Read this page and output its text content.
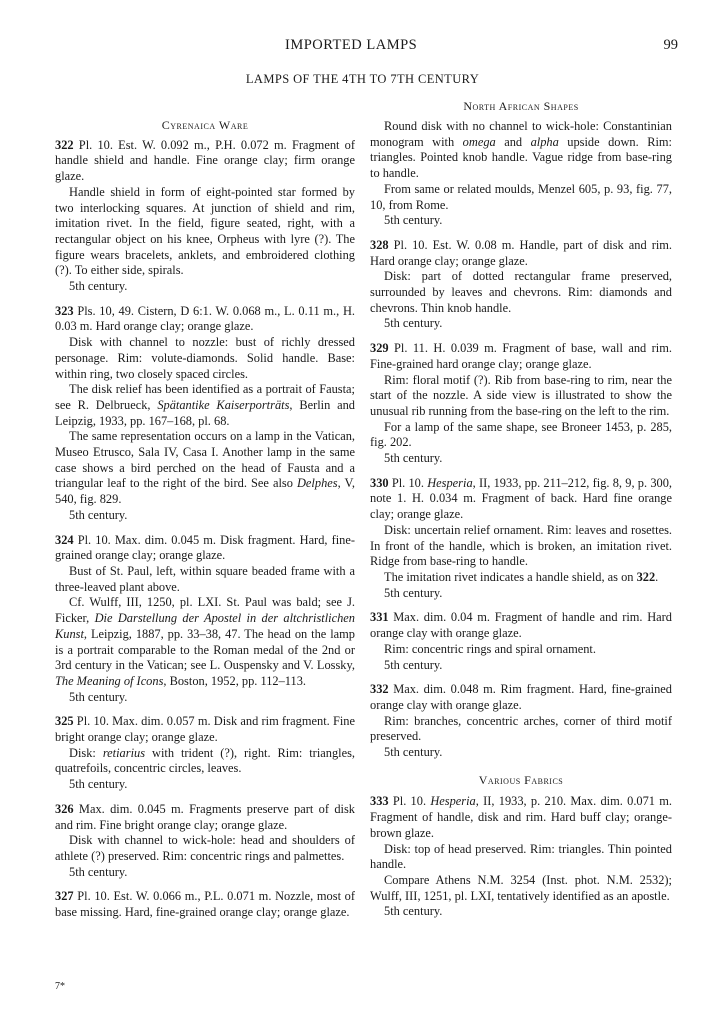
IMPORTED LAMPS	99
LAMPS OF THE 4TH TO 7TH CENTURY
North African Shapes
Cyrenaica Ware

322 Pl. 10. Est. W. 0.092 m., P.H. 0.072 m. Fragment of handle shield and handle. Fine orange clay; firm orange glaze.

Handle shield in form of eight-pointed star formed by two interlocking squares. At junction of shield and rim, imitation rivet. In the field, figure seated, right, with a rectangular object on his knee, Orpheus with lyre (?). The figure wears bracelets, anklets, and embroidered clothing (?). To either side, spirals.

5th century.

323 Pls. 10, 49. Cistern, D 6:1. W. 0.068 m., L. 0.11 m., H. 0.03 m. Hard orange clay; orange glaze.

Disk with channel to nozzle: bust of richly dressed personage. Rim: volute-diamonds. Solid handle. Base: within ring, two closely spaced circles.

The disk relief has been identified as a portrait of Fausta; see R. Delbrueck, Spätantike Kaiserporträts, Berlin and Leipzig, 1933, pp. 167–168, pl. 68.

The same representation occurs on a lamp in the Vatican, Museo Etrusco, Sala IV, Casa I. Another lamp in the same case shows a bird perched on the head of Fausta and a triangular leaf to the right of the bird. See also Delphes, V, 540, fig. 829.

5th century.

324 Pl. 10. Max. dim. 0.045 m. Disk fragment. Hard, fine-grained orange clay; orange glaze.

Bust of St. Paul, left, within square beaded frame with a three-leaved plant above.

Cf. Wulff, III, 1250, pl. LXI. St. Paul was bald; see J. Ficker, Die Darstellung der Apostel in der altchristlichen Kunst, Leipzig, 1887, pp. 33–38, 47. The head on the lamp is a portrait comparable to the Roman medal of the 2nd or 3rd century in the Vatican; see L. Ouspensky and V. Lossky, The Meaning of Icons, Boston, 1952, pp. 112–113.

5th century.

325 Pl. 10. Max. dim. 0.057 m. Disk and rim fragment. Fine bright orange clay; orange glaze.

Disk: retiarius with trident (?), right. Rim: triangles, quatrefoils, concentric circles, leaves.

5th century.

326 Max. dim. 0.045 m. Fragments preserve part of disk and rim. Fine bright orange clay; orange glaze.

Disk with channel to wick-hole: head and shoulders of athlete (?) preserved. Rim: concentric rings and palmettes.

5th century.

327 Pl. 10. Est. W. 0.066 m., P.L. 0.071 m. Nozzle, most of base missing. Hard, fine-grained orange clay; orange glaze.

Round disk with no channel to wick-hole: Constantinian monogram with omega and alpha upside down. Rim: triangles. Pointed knob handle. Vague ridge from base-ring to handle.

From same or related moulds, Menzel 605, p. 93, fig. 77, 10, from Rome.

5th century.

328 Pl. 10. Est. W. 0.08 m. Handle, part of disk and rim. Hard orange clay; orange glaze.

Disk: part of dotted rectangular frame preserved, surrounded by leaves and chevrons. Rim: diamonds and chevrons. Thin knob handle.

5th century.

329 Pl. 11. H. 0.039 m. Fragment of base, wall and rim. Fine-grained hard orange clay; orange glaze.

Rim: floral motif (?). Rib from base-ring to rim, near the start of the nozzle. A side view is illustrated to show the unusual rib running from the base-ring on the left to the rim.

For a lamp of the same shape, see Broneer 1453, p. 285, fig. 202.

5th century.

330 Pl. 10. Hesperia, II, 1933, pp. 211–212, fig. 8, 9, p. 300, note 1. H. 0.034 m. Fragment of back. Hard fine orange clay; orange glaze.

Disk: uncertain relief ornament. Rim: leaves and rosettes. In front of the handle, which is broken, an imitation rivet. Ridge from base-ring to handle.

The imitation rivet indicates a handle shield, as on 322.

5th century.

331 Max. dim. 0.04 m. Fragment of handle and rim. Hard orange clay with orange glaze.

Rim: concentric rings and spiral ornament.

5th century.

332 Max. dim. 0.048 m. Rim fragment. Hard, fine-grained orange clay with orange glaze.

Rim: branches, concentric arches, corner of third motif preserved.

5th century.

Various Fabrics

333 Pl. 10. Hesperia, II, 1933, p. 210. Max. dim. 0.071 m. Fragment of handle, disk and rim. Hard buff clay; orange-brown glaze.

Disk: top of head preserved. Rim: triangles. Thin pointed handle.

Compare Athens N.M. 3254 (Inst. phot. N.M. 2532); Wulff, III, 1251, pl. LXI, tentatively identified as an apostle.

5th century.

7*
